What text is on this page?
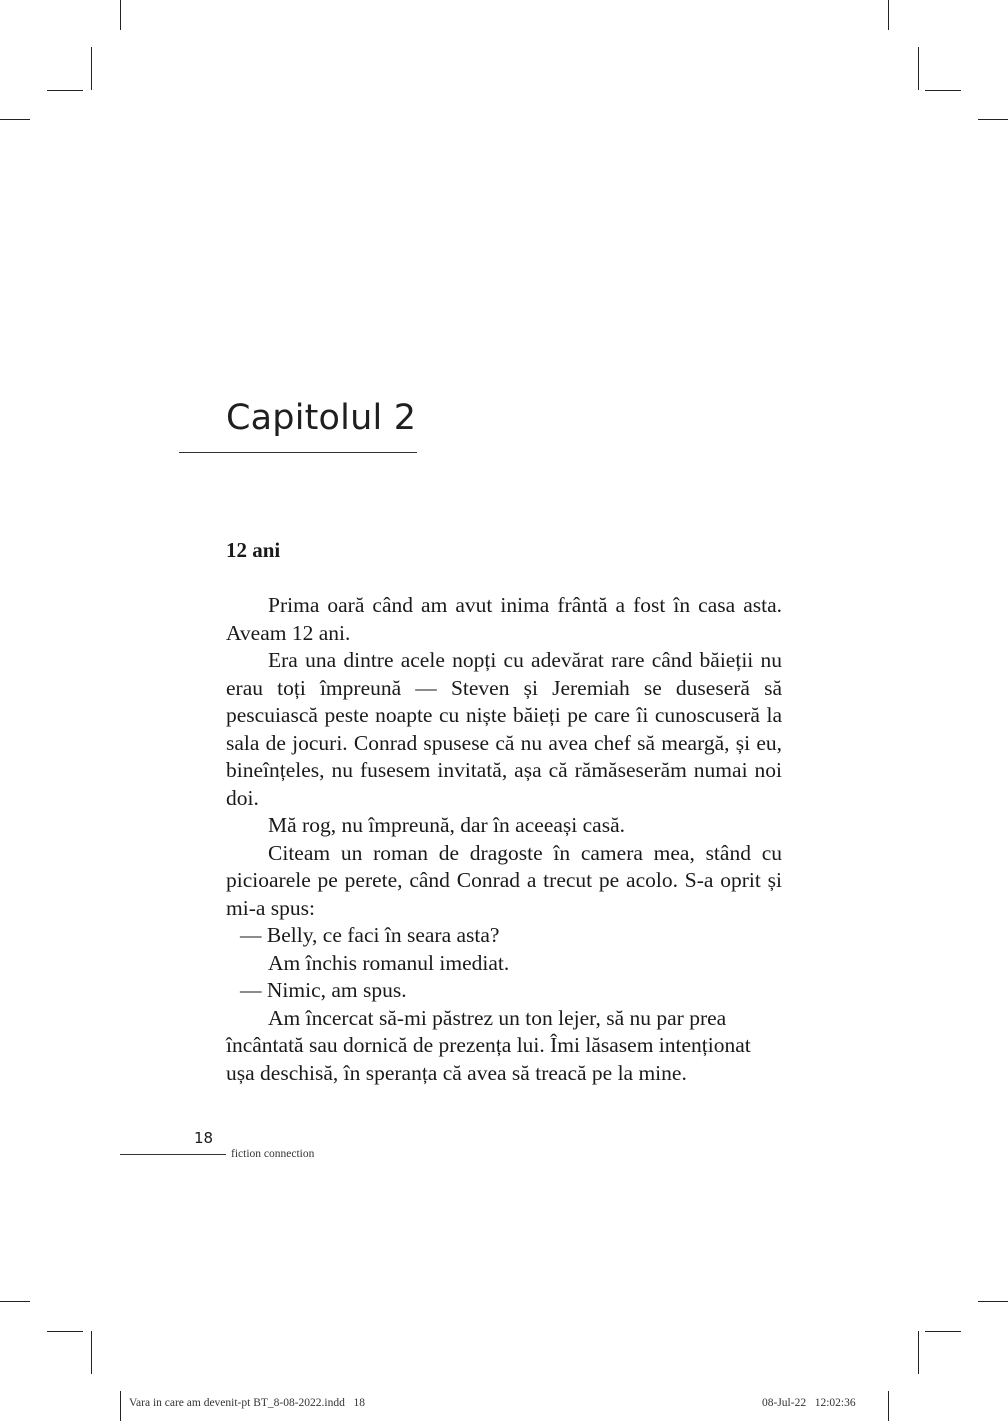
Capitolul 2
12 ani

Prima oară când am avut inima frântă a fost în casa asta. Aveam 12 ani.

Era una dintre acele nopți cu adevărat rare când băieții nu erau toți împreună — Steven și Jeremiah se duseseră să pescuiască peste noapte cu niște băieți pe care îi cunoscuseră la sala de jocuri. Conrad spusese că nu avea chef să meargă, și eu, bineînțeles, nu fusesem invitată, așa că rămăseserăm numai noi doi.

Mă rog, nu împreună, dar în aceeași casă.

Citeam un roman de dragoste în camera mea, stând cu picioarele pe perete, când Conrad a trecut pe acolo. S-a oprit și mi-a spus:

— Belly, ce faci în seara asta?

Am închis romanul imediat.

— Nimic, am spus.

Am încercat să-mi păstrez un ton lejer, să nu par prea încântată sau dornică de prezența lui. Îmi lăsasem intenționat ușa deschisă, în speranța că avea să treacă pe la mine.

18
fiction connection
Vara in care am devenit-pt BT_8-08-2022.indd   18	08-Jul-22   12:02:36
